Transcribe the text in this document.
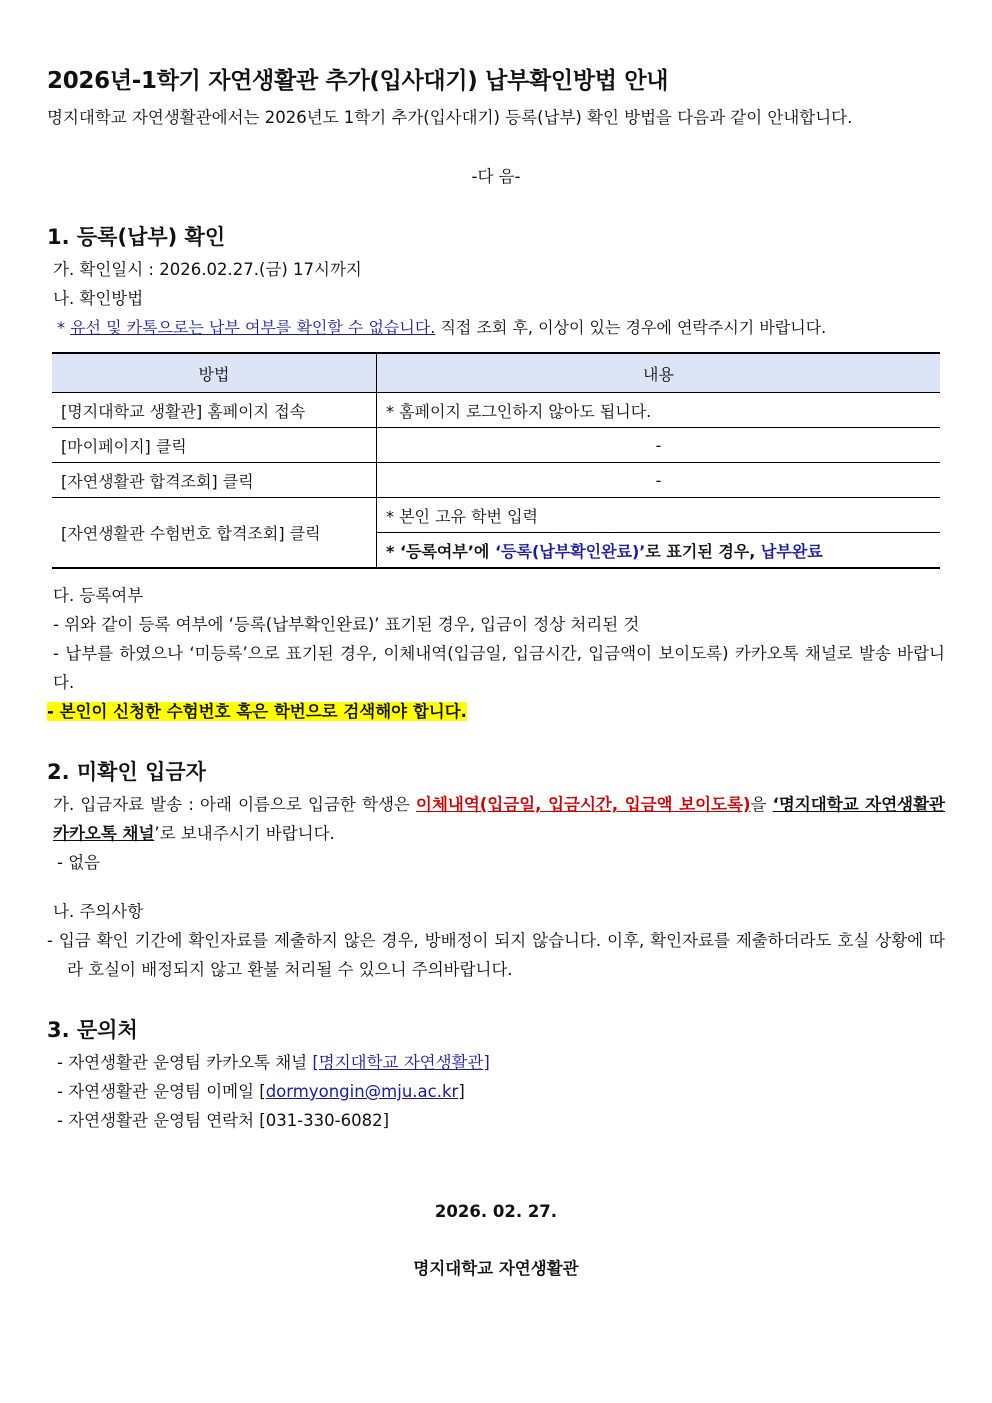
2026년-1학기 자연생활관 추가(입사대기) 납부확인방법 안내

명지대학교 자연생활관에서는 2026년도 1학기 추가(입사대기) 등록(납부) 확인 방법을 다음과 같이 안내합니다.

-다 음-

1. 등록(납부) 확인

가. 확인일시 : 2026.02.27.(금) 17시까지

나. 확인방법

* 유선 및 카톡으로는 납부 여부를 확인할 수 없습니다. 직접 조회 후, 이상이 있는 경우에 연락주시기 바랍니다.

방법	내용
[명지대학교 생활관] 홈페이지 접속	* 홈페이지 로그인하지 않아도 됩니다.
[마이페이지] 클릭	-
[자연생활관 합격조회] 클릭	-
[자연생활관 수험번호 합격조회] 클릭	* 본인 고유 학번 입력
	* ‘등록여부’에 ‘등록(납부확인완료)’로 표기된 경우, 납부완료

다. 등록여부

- 위와 같이 등록 여부에 ‘등록(납부확인완료)’ 표기된 경우, 입금이 정상 처리된 것

- 납부를 하였으나 ‘미등록’으로 표기된 경우, 이체내역(입금일, 입금시간, 입금액이 보이도록) 카카오톡 채널로 발송 바랍니다.

- 본인이 신청한 수험번호 혹은 학번으로 검색해야 합니다.

2. 미확인 입금자

가. 입금자료 발송 : 아래 이름으로 입금한 학생은 이체내역(입금일, 입금시간, 입금액 보이도록)을 ‘명지대학교 자연생활관 카카오톡 채널’로 보내주시기 바랍니다.

- 없음

나. 주의사항

- 입금 확인 기간에 확인자료를 제출하지 않은 경우, 방배정이 되지 않습니다. 이후, 확인자료를 제출하더라도 호실 상황에 따라 호실이 배정되지 않고 환불 처리될 수 있으니 주의바랍니다.

3. 문의처

- 자연생활관 운영팀 카카오톡 채널 [명지대학교 자연생활관]

- 자연생활관 운영팀 이메일 [dormyongin@mju.ac.kr]

- 자연생활관 운영팀 연락처 [031-330-6082]

2026. 02. 27.

명지대학교 자연생활관
